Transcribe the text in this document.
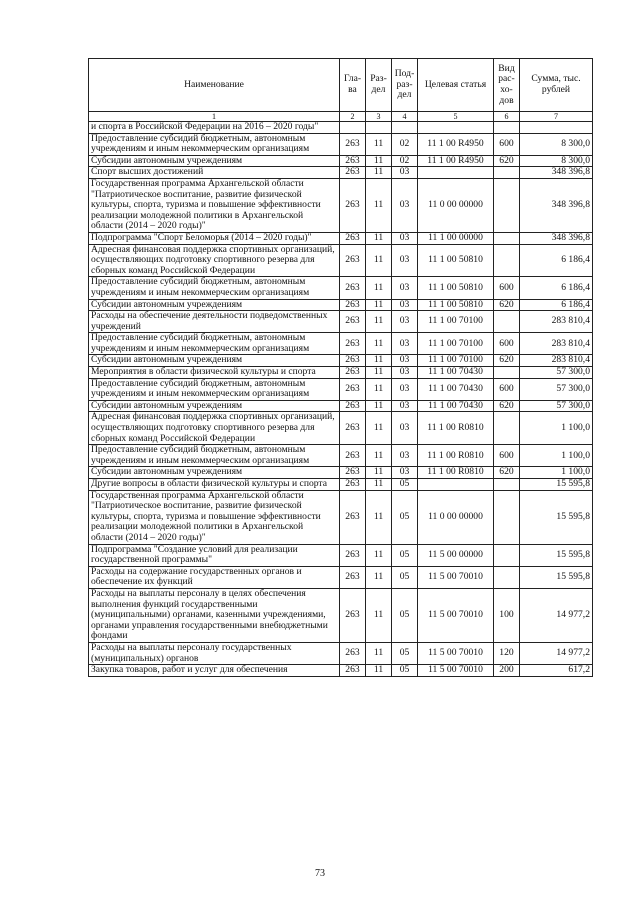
Наименование	Гла-ва	Раз-дел	Под-раз-дел	Целевая статья	Вид рас-хо-дов	Сумма, тыс. рублей
1	2	3	4	5	6	7
и спорта в Российской Федерации на 2016 – 2020 годы"						
Предоставление субсидий бюджетным, автономным учреждениям и иным некоммерческим организациям	263	11	02	11 1 00 R4950	600	8 300,0
Субсидии автономным учреждениям	263	11	02	11 1 00 R4950	620	8 300,0
Спорт высших достижений	263	11	03			348 396,8
Государственная программа Архангельской области "Патриотическое воспитание, развитие физической культуры, спорта, туризма и повышение эффективности реализации молодежной политики в Архангельской области (2014 – 2020 годы)"	263	11	03	11 0 00 00000		348 396,8
Подпрограмма "Спорт Беломорья (2014 – 2020 годы)"	263	11	03	11 1 00 00000		348 396,8
Адресная финансовая поддержка спортивных организаций, осуществляющих подготовку спортивного резерва для сборных команд Российской Федерации	263	11	03	11 1 00 50810		6 186,4
Предоставление субсидий бюджетным, автономным учреждениям и иным некоммерческим организациям	263	11	03	11 1 00 50810	600	6 186,4
Субсидии автономным учреждениям	263	11	03	11 1 00 50810	620	6 186,4
Расходы на обеспечение деятельности подведомственных учреждений	263	11	03	11 1 00 70100		283 810,4
Предоставление субсидий бюджетным, автономным учреждениям и иным некоммерческим организациям	263	11	03	11 1 00 70100	600	283 810,4
Субсидии автономным учреждениям	263	11	03	11 1 00 70100	620	283 810,4
Мероприятия в области физической культуры и спорта	263	11	03	11 1 00 70430		57 300,0
Предоставление субсидий бюджетным, автономным учреждениям и иным некоммерческим организациям	263	11	03	11 1 00 70430	600	57 300,0
Субсидии автономным учреждениям	263	11	03	11 1 00 70430	620	57 300,0
Адресная финансовая поддержка спортивных организаций, осуществляющих подготовку спортивного резерва для сборных команд Российской Федерации	263	11	03	11 1 00 R0810		1 100,0
Предоставление субсидий бюджетным, автономным учреждениям и иным некоммерческим организациям	263	11	03	11 1 00 R0810	600	1 100,0
Субсидии автономным учреждениям	263	11	03	11 1 00 R0810	620	1 100,0
Другие вопросы в области физической культуры и спорта	263	11	05			15 595,8
Государственная программа Архангельской области "Патриотическое воспитание, развитие физической культуры, спорта, туризма и повышение эффективности реализации молодежной политики в Архангельской области (2014 – 2020 годы)"	263	11	05	11 0 00 00000		15 595,8
Подпрограмма "Создание условий для реализации государственной программы"	263	11	05	11 5 00 00000		15 595,8
Расходы на содержание государственных органов и обеспечение их функций	263	11	05	11 5 00 70010		15 595,8
Расходы на выплаты персоналу в целях обеспечения выполнения функций государственными (муниципальными) органами, казенными учреждениями, органами управления государственными внебюджетными фондами	263	11	05	11 5 00 70010	100	14 977,2
Расходы на выплаты персоналу государственных (муниципальных) органов	263	11	05	11 5 00 70010	120	14 977,2
Закупка товаров, работ и услуг для обеспечения	263	11	05	11 5 00 70010	200	617,2
73
